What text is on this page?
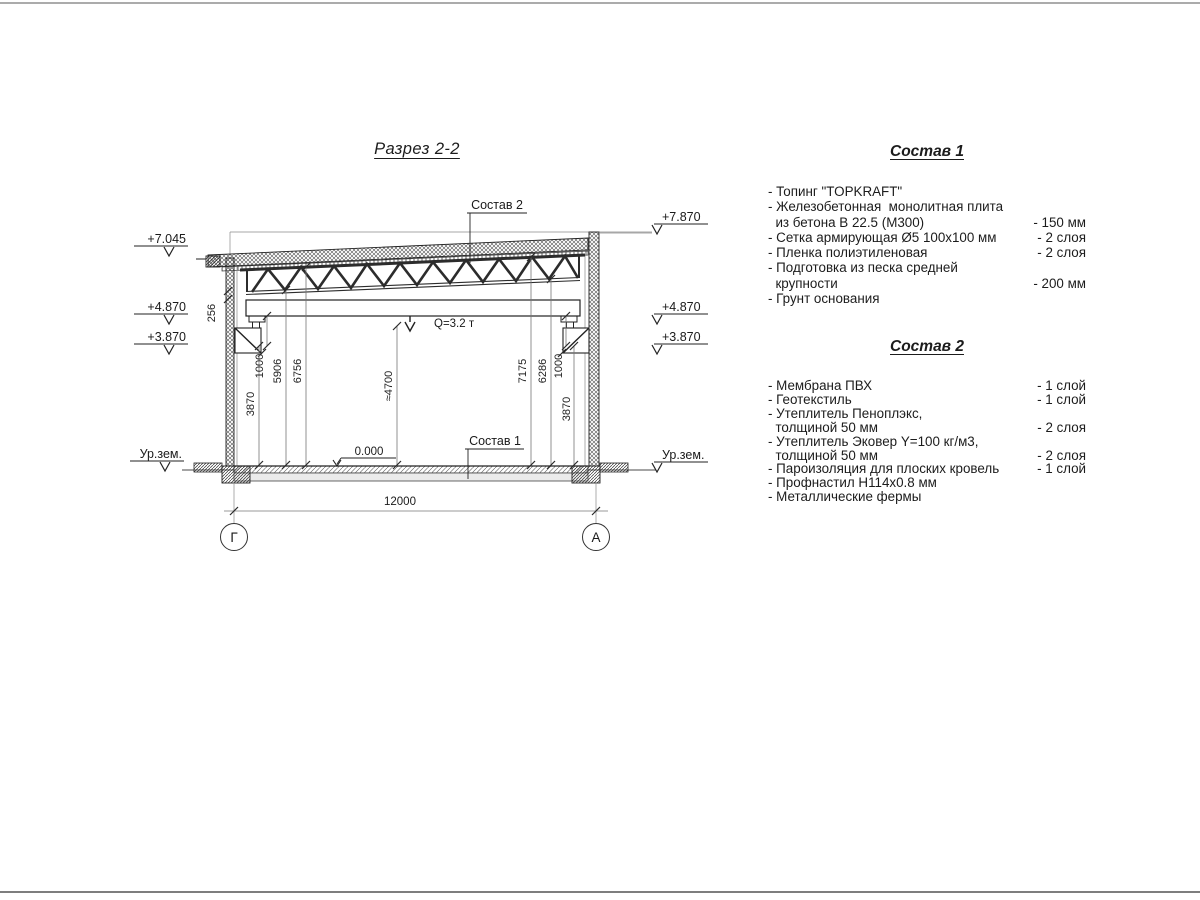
Разрез 2-2
Q=3.2 т
256
3870
1000 5906 6756	≈4700	7175 6286 1000
3870
12000
Г	А
+7.045
+4.870
+3.870
Ур.зем.
+7.870
+4.870
+3.870
Ур.зем.
Состав 2
Состав 1
0.000
Состав 1
- Топинг "TOPKRAFT"
- Железобетонная  монолитная плита
из бетона В 22.5 (М300)	- 150 мм
- Сетка армирующая Ø5 100х100 мм	- 2 слоя
- Пленка полиэтиленовая	- 2 слоя
- Подготовка из песка средней
крупности	- 200 мм
- Грунт основания
Состав 2
- Мембрана ПВХ	- 1 слой
- Геотекстиль	- 1 слой
- Утеплитель Пеноплэкс,
толщиной 50 мм	- 2 слоя
- Утеплитель Эковер Y=100 кг/м3,
толщиной 50 мм	- 2 слоя
- Пароизоляция для плоских кровель	- 1 слой
- Профнастил Н114х0.8 мм
- Металлические фермы
